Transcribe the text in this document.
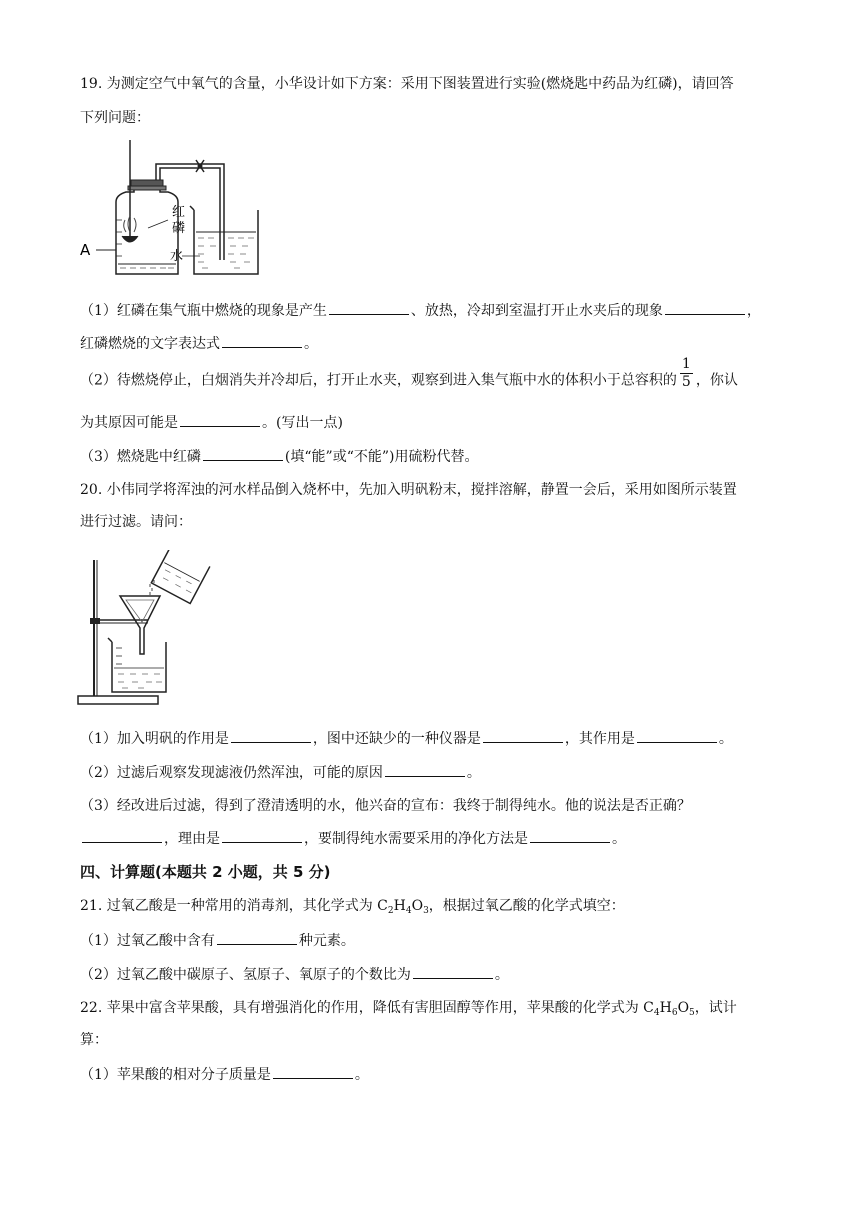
19. 为测定空气中氧气的含量，小华设计如下方案：采用下图装置进行实验(燃烧匙中药品为红磷)，请回答
下列问题：
红
磷
水
A
（1）红磷在集气瓶中燃烧的现象是产生	、放热，冷却到室温打开止水夹后的现象	，
红磷燃烧的文字表达式	。
（2）待燃烧停止，白烟消失并冷却后，打开止水夹，观察到进入集气瓶中水的体积小于总容积的 $\frac{1}{5}$ ，你认
为其原因可能是	。(写出一点)
（3）燃烧匙中红磷	(填“能”或“不能”)用硫粉代替。
20. 小伟同学将浑浊的河水样品倒入烧杯中，先加入明矾粉末，搅拌溶解，静置一会后，采用如图所示装置
进行过滤。请问：
（1）加入明矾的作用是	，图中还缺少的一种仪器是	，其作用是	。
（2）过滤后观察发现滤液仍然浑浊，可能的原因	。
（3）经改进后过滤，得到了澄清透明的水，他兴奋的宣布：我终于制得纯水。他的说法是否正确？
，理由是	，要制得纯水需要采用的净化方法是	。
四、计算题(本题共 2 小题，共 5 分)
21. 过氧乙酸是一种常用的消毒剂，其化学式为 $C_2H_4O_3$，根据过氧乙酸的化学式填空：
（1）过氧乙酸中含有	种元素。
（2）过氧乙酸中碳原子、氢原子、氧原子的个数比为	。
22. 苹果中富含苹果酸，具有增强消化的作用，降低有害胆固醇等作用，苹果酸的化学式为 $C_4H_6O_5$，试计
算：
（1）苹果酸的相对分子质量是	。
